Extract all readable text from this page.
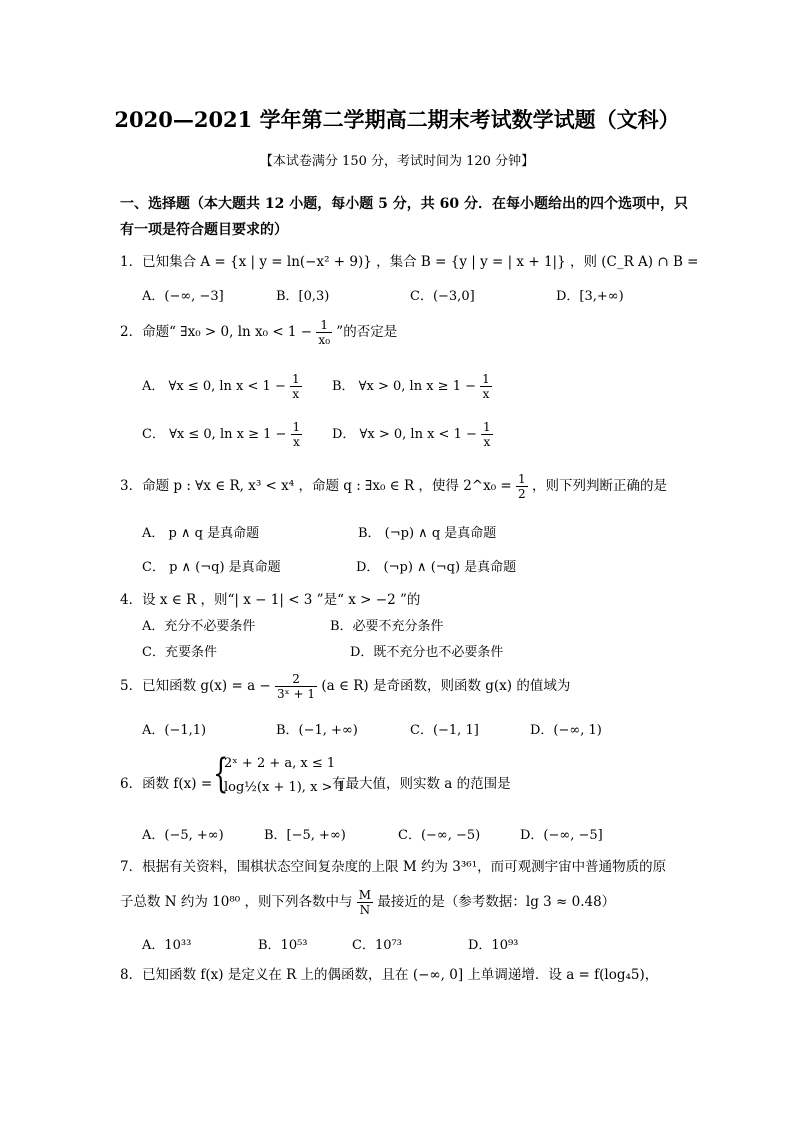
2020—2021 学年第二学期高二期末考试数学试题（文科）
【本试卷满分 150 分，考试时间为 120 分钟】
一、选择题（本大题共 12 小题，每小题 5 分，共 60 分．在每小题给出的四个选项中，只有一项是符合题目要求的）
1．已知集合 A = {x | y = ln(−x² + 9)} ，集合 B = {y | y = | x + 1|} ，则 (C_R A) ∩ B =
A．(−∞, −3]	B．[0,3)	C．(−3,0]	D．[3,+∞)
2．命题“ ∃x₀ > 0, $\ln x_0 < 1 - \frac{1}{\text{x₀}}$ ”的否定是
A． ∀x ≤ 0, $\ln x < 1 - \frac{1}{x}$ B． ∀x > 0, $\ln x \ge 1 - \frac{1}{x}$
C． ∀x ≤ 0, $\ln x \ge 1 - \frac{1}{x}$ D． ∀x > 0, $\ln x < 1 - \frac{1}{x}$
3．命题 p : ∀x ∈ R, x³ < x⁴ ，命题 q : ∃x₀ ∈ R ，使得 2^x₀ = $\frac{1}{2}$ ，则下列判断正确的是
A． p ∧ q 是真命题	B． (¬p) ∧ q 是真命题
C． p ∧ (¬q) 是真命题	D． (¬p) ∧ (¬q) 是真命题
4．设 x ∈ R ，则“| x − 1| < 3 ”是“ x > −2 ”的
A．充分不必要条件	B．必要不充分条件
C．充要条件	D．既不充分也不必要条件
5．已知函数 $g(x) = a - \frac{2}{\text{3ˣ + 1}} (a$ ∈ R) 是奇函数，则函数 g(x) 的值域为
A．(−1,1)	B．(−1, +∞)	C．(−1, 1]	D．(−∞, 1)
6．函数 f(x) = {
2ˣ + 2 + a, x ≤ 1
log½(x + 1), x > 1
有最大值，则实数 a 的范围是
A．(−5, +∞)	B．[−5, +∞)	C．(−∞, −5)	D．(−∞, −5]
7．根据有关资料，围棋状态空间复杂度的上限 M 约为 3³⁶¹，而可观测宇宙中普通物质的原
子总数 N 约为 10⁸⁰ ，则下列各数中与 $\frac{M}{N}$ 最接近的是（参考数据：lg 3 ≈ 0.48）
A．10³³	B．10⁵³	C．10⁷³	D．10⁹³
8．已知函数 f(x) 是定义在 R 上的偶函数，且在 (−∞, 0] 上单调递增．设 a = f(log₄5)，
